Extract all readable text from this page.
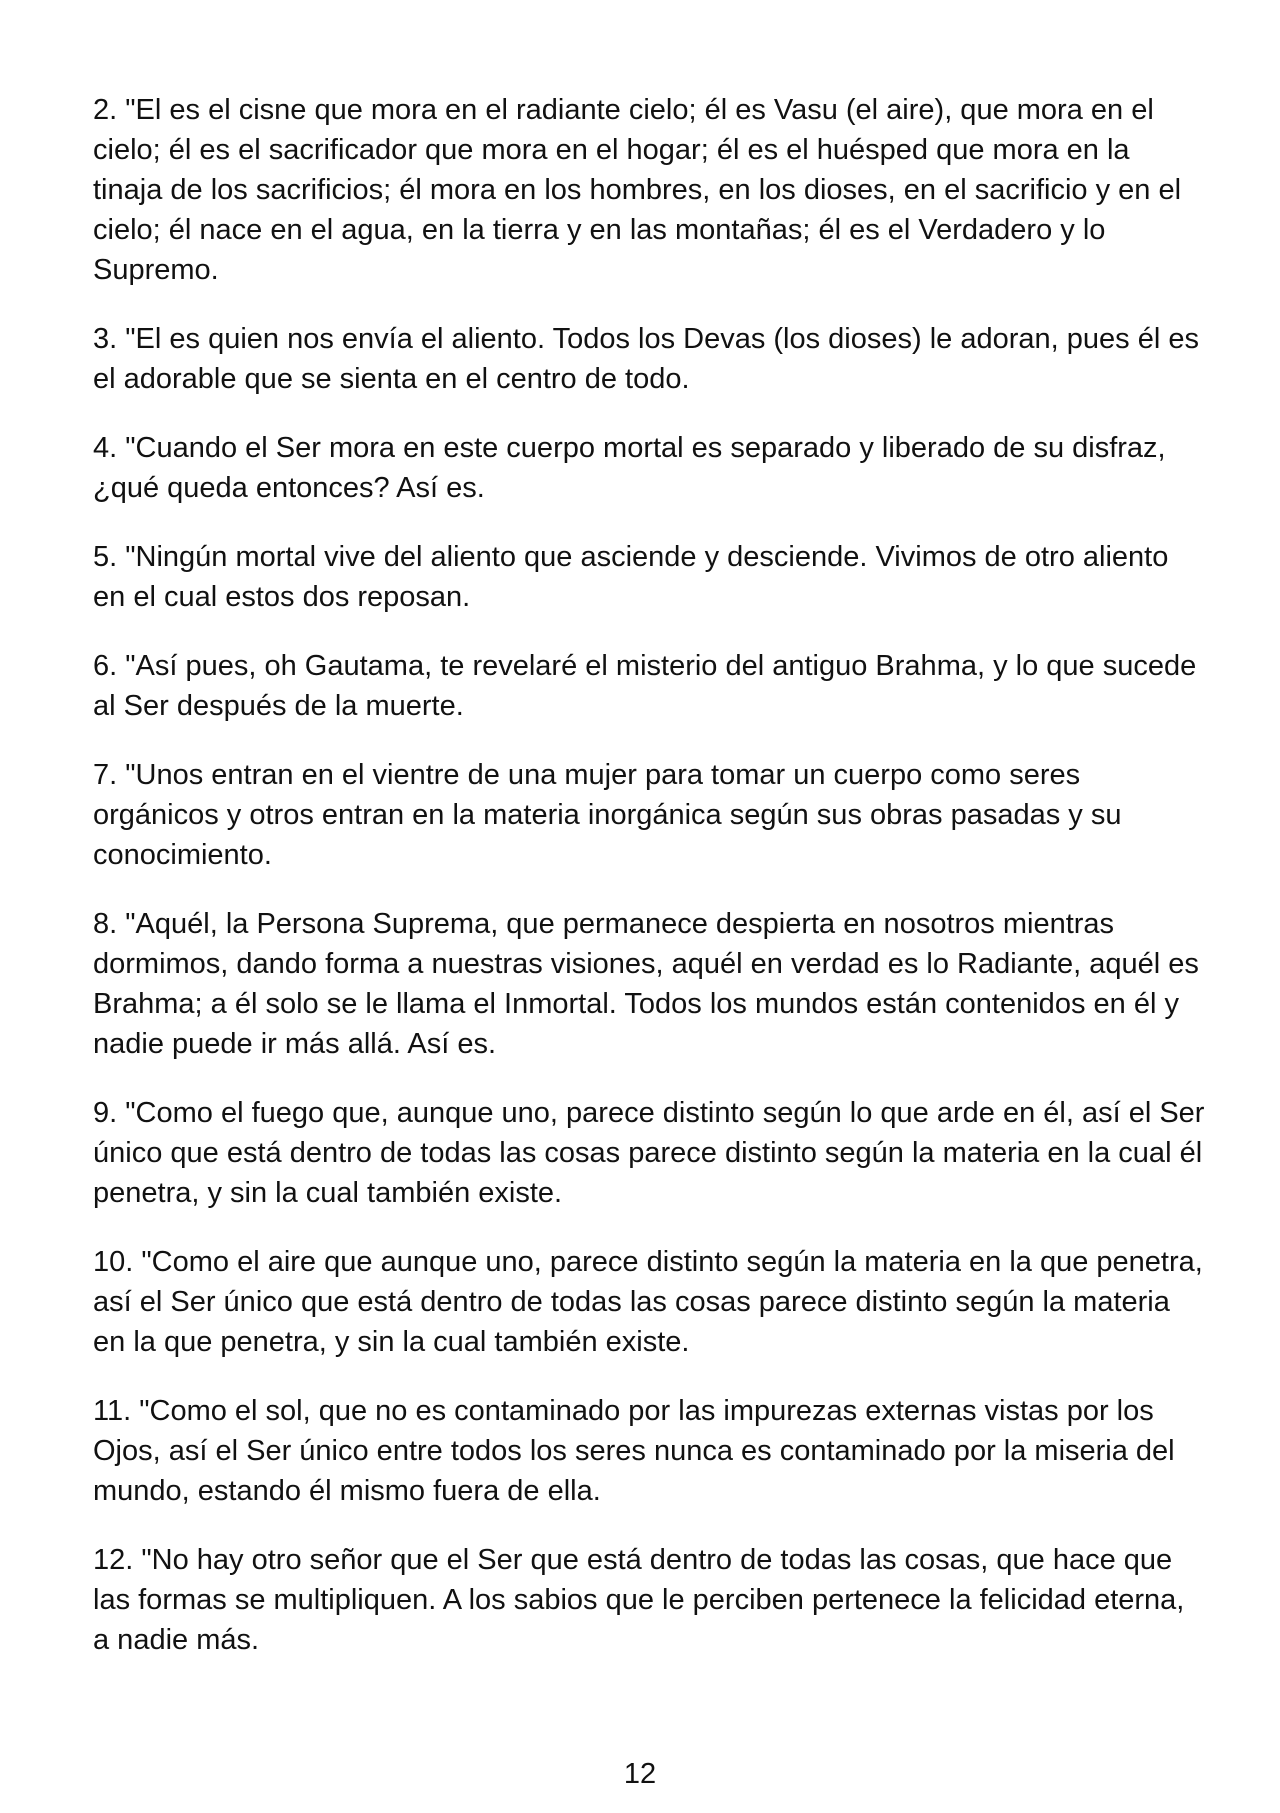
2. "El es el cisne que mora en el radiante cielo; él es Vasu (el aire), que mora en el cielo; él es el sacrificador que mora en el hogar; él es el huésped que mora en la tinaja de los sacrificios; él mora en los hombres, en los dioses, en el sacrificio y en el cielo; él nace en el agua, en la tierra y en las montañas; él es el Verdadero y lo Supremo.

3. "El es quien nos envía el aliento. Todos los Devas (los dioses) le adoran, pues él es el adorable que se sienta en el centro de todo.

4. "Cuando el Ser mora en este cuerpo mortal es separado y liberado de su disfraz, ¿qué queda entonces? Así es.

5. "Ningún mortal vive del aliento que asciende y desciende. Vivimos de otro aliento en el cual estos dos reposan.

6. "Así pues, oh Gautama, te revelaré el misterio del antiguo Brahma, y lo que sucede al Ser después de la muerte.

7. "Unos entran en el vientre de una mujer para tomar un cuerpo como seres orgánicos y otros entran en la materia inorgánica según sus obras pasadas y su conocimiento.

8. "Aquél, la Persona Suprema, que permanece despierta en nosotros mientras dormimos, dando forma a nuestras visiones, aquél en verdad es lo Radiante, aquél es Brahma; a él solo se le llama el Inmortal. Todos los mundos están contenidos en él y nadie puede ir más allá. Así es.

9. "Como el fuego que, aunque uno, parece distinto según lo que arde en él, así el Ser único que está dentro de todas las cosas parece distinto según la materia en la cual él penetra, y sin la cual también existe.

10. "Como el aire que aunque uno, parece distinto según la materia en la que penetra, así el Ser único que está dentro de todas las cosas parece distinto según la materia en la que penetra, y sin la cual también existe.

11. "Como el sol, que no es contaminado por las impurezas externas vistas por los Ojos, así el Ser único entre todos los seres nunca es contaminado por la miseria del mundo, estando él mismo fuera de ella.

12. "No hay otro señor que el Ser que está dentro de todas las cosas, que hace que las formas se multipliquen. A los sabios que le perciben pertenece la felicidad eterna, a nadie más.

12
